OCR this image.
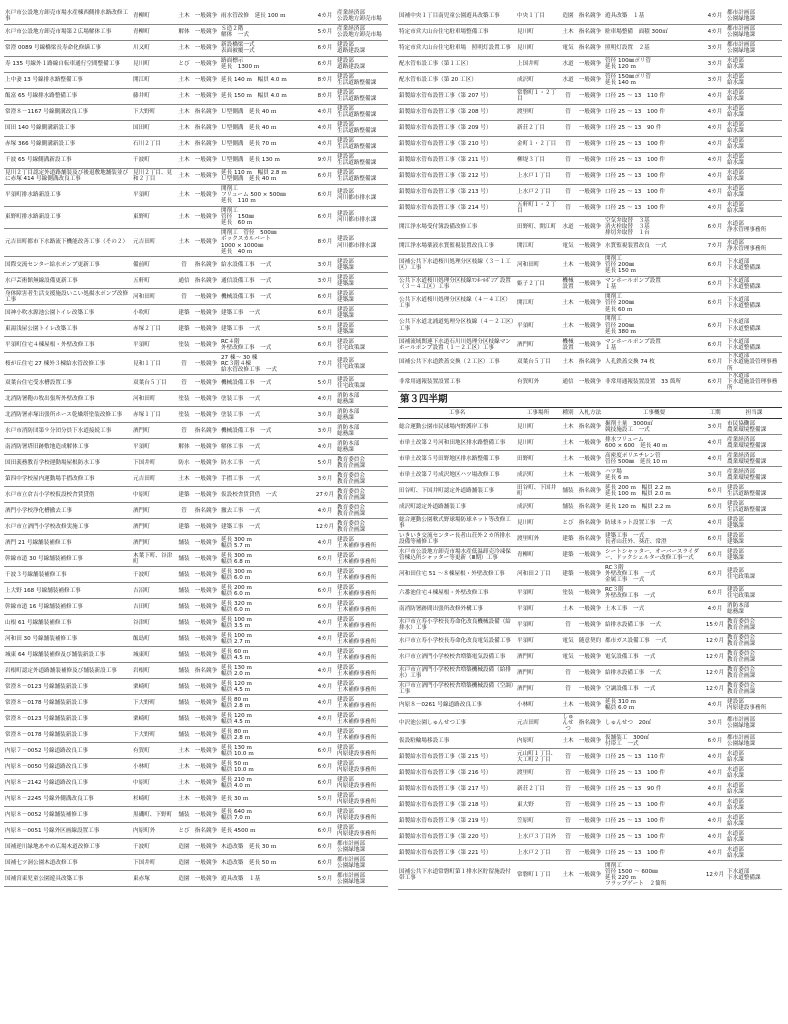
水戸市公設地方卸売市場水産棟西側排水路改修工事	青柳町	土木	一般競争	雨水管改修　延長 100 ｍ	4カ月	産業経済部
公設地方卸売市場
水戸市公設地方卸売市場第２広場解体工事	青柳町	解体	一般競争	Ｓ造２階
解体　一式	5カ月	産業経済部
公設地方卸売市場
常澄 0089 号線橋梁長寿命化修繕工事	川又町	土木	一般競争	新設橋梁一式
表面被覆一式	6カ月	建設部
道路建設課
寿 135 号線外１路線自転車通行空間整備工事	見川町	とび	一般競争	路面標示
延長　1300 ｍ	6カ月	建設部
道路建設課
上中妻 13 号線排水路整備工事	開江町	土木	一般競争	延長 140 ｍ　幅員 4.0 ｍ	8カ月	建設部
生活道路整備課
飯富 65 号線排水路整備工事	藤井町	土木	一般競争	延長 150 ｍ　幅員 4.0 ｍ	8カ月	建設部
生活道路整備課
常澄８－1167 号線側溝改良工事	下大野町	土木	指名競争	Ｕ型側溝　延長 40 ｍ	4カ月	建設部
生活道路整備課
国田 140 号線側溝新設工事	国田町	土木	指名競争	Ｕ型側溝　延長 40 ｍ	4カ月	建設部
生活道路整備課
赤塚 366 号線側溝新設工事	石川２丁目	土木	指名競争	Ｕ型側溝　延長 70 ｍ	4カ月	建設部
生活道路整備課
千波 65 号線側溝新設工事	千波町	土木	一般競争	Ｕ型側溝　延長 130 ｍ	9カ月	建設部
生活道路整備課
見川２丁目認定外道路舗装及び後退敷地舗装並びに赤塚 414 号線側溝改良工事	見川２丁目、見和２丁目	土木	一般競争	延長 110 ｍ　幅員 2.8 ｍ
Ｕ型側溝　延長 40 ｍ	6カ月	建設部
生活道路整備課
平須町排水路新設工事	平須町	土木	一般競争	開削工
フリューム 500 × 500㎜
延長　110 ｍ	6カ月	建設部
河川都市排水課
東野町排水路新設工事	東野町	土木	一般競争	開削工
管径　150㎜
延長　60 ｍ	6カ月	建設部
河川都市排水課
元吉田町都市下水路流下機能改善工事（その２）	元吉田町	土木	一般競争	開削工　管径　500㎜
ボックスカルバート
1000 × 1000㎜
延長　40 ｍ	8カ月	建設部
河川都市排水課
国際交流センター給水ポンプ更新工事	備前町	管	指名競争	給水設備工事　一式	3カ月	建設部
建築課
水戸芸術館無線設備更新工事	五軒町	通信	指名競争	通信設備工事　一式	3カ月	建設部
建築課
身体障害者生活支援施設いこい処揚水ポンプ改修工事	河和田町	管	一般競争	機械設備工事　一式	6カ月	建設部
建築課
国神小吹水源池公園トイレ改築工事	小吹町	建築	一般競争	建築工事　一式	6カ月	建設部
建築課
東湯浅屋公園トイレ改築工事	赤塚２丁目	建築	一般競争	建築工事　一式	5カ月	建設部
建築課
平須町住宅４棟屋根・外壁改修工事	平須町	塗装	一般競争	RC４階
外壁改修工事　一式	6カ月	建設部
住宅政策課
桜が丘住宅 27 棟外３棟給水管改修工事	見和１丁目	管	一般競争	27 棟～ 30 棟
RC３階４棟
給水管改修工事　一式	7カ月	建設部
住宅政策課
双葉台住宅受水槽設置工事	双葉台５丁目	管	一般競争	機械設備工事　一式	5カ月	建設部
住宅政策課
北消防署鞄の牧出張所外壁改修工事	河和田町	塗装	一般競争	塗装工事　一式	4カ月	消防本部
総務課
北消防署赤塚出張所ホース乾燥塔塗装改修工事	赤塚１丁目	塗装	一般競争	塗装工事　一式	3カ月	消防本部
総務課
水戸市消防団第９分団分員下水道接続工事	酒門町	管	指名競争	機械設備工事　一式	3カ月	消防本部
総務課
南消防署塔旧跡敷地造成解体工事	平須町	解体	一般競争	解体工事　一式	4カ月	消防本部
総務課
国田義務教育学校運動場屋根防水工事	下国井町	防水	一般競争	防水工事　一式	5カ月	教育委員会
教育企画課
第四中学校屋内運動場手摺改修工事	元吉田町	土木	一般競争	手摺工事　一式	3カ月	教育委員会
教育企画課
水戸市立倉吉小学校仮設校舎賃貸借	中原町	建築	一般競争	仮設校舎賃貸借　一式	27カ月	教育委員会
教育企画課
酒門小学校浄化槽撤去工事	酒門町	管	指名競争	撤去工事　一式	4カ月	教育委員会
教育企画課
水戸市立酒門小学校改修実施工事	酒門町	建築	一般競争	建築工事　一式	12カ月	教育委員会
教育企画課
酒門 21 号線舗装補修工事	酒門町	舗装	一般競争	延長 300 ｍ
幅員 5.7 ｍ	4カ月	建設部
土木補修事務所
幹線市道 30 号線舗装補修工事	木葉下町、谷津町	舗装	一般競争	延長 300 ｍ
幅員 6.8 ｍ	6カ月	建設部
土木補修事務所
千波３号線舗装補修工事	千波町	舗装	一般競争	延長 300 ｍ
幅員 6.0 ｍ	6カ月	建設部
土木補修事務所
上大野 168 号線舗装補修工事	吉沼町	舗装	一般競争	延長 200 ｍ
幅員 6.0 ｍ	6カ月	建設部
土木補修事務所
幹線市道 16 号線舗装補修工事	吉田町	舗装	一般競争	延長 320 ｍ
幅員 6.0 ｍ	6カ月	建設部
土木補修事務所
山根 61 号線舗装補修工事	谷津町	舗装	一般競争	延長 100 ｍ
幅員 3.5 ｍ	4カ月	建設部
土木補修事務所
河和田 30 号線舗装補修工事	飯島町	舗装	一般競争	延長 100 ｍ
幅員 2.7 ｍ	4カ月	建設部
土木補修事務所
城東 64 号線舗装補修及び舗装新設工事	城東町	舗装	一般競争	延長 60 ｍ
幅員 4.5 ｍ	4カ月	建設部
土木補修事務所
岩根町認定外道路舗装補修及び舗装新設工事	岩根町	舗装	指名競争	延長 130 ｍ
幅員 2.0 ｍ	4カ月	建設部
土木補修事務所
常澄８－0123 号線舗装新設工事	栗崎町	舗装	一般競争	延長 120 ｍ
幅員 4.5 ｍ	4カ月	建設部
土木補修事務所
常澄８－0178 号線舗装新設工事	下大野町	舗装	一般競争	延長 80 ｍ
幅員 2.8 ｍ	4カ月	建設部
土木補修事務所
常澄８－0123 号線舗装新設工事	栗崎町	舗装	一般競争	延長 120 ｍ
幅員 4.5 ｍ	4カ月	建設部
土木補修事務所
常澄８－0178 号線舗装新設工事	下大野町	舗装	一般競争	延長 80 ｍ
幅員 2.8 ｍ	4カ月	建設部
土木補修事務所
内原７－0052 号線道路改良工事	有賀町	土木	一般競争	延長 130 ｍ
幅員 10.0 ｍ	6カ月	建設部
内原建設事務所
内原８－0050 号線道路改良工事	小林町	土木	一般競争	延長 50 ｍ
幅員 10.0 ｍ	6カ月	建設部
内原建設事務所
内原８－2142 号線道路改良工事	中原町	土木	一般競争	延長 210 ｍ
幅員 4.0 ｍ	6カ月	建設部
内原建設事務所
内原８－2245 号線外側溝改良工事	杉崎町	土木	一般競争	延長 30 ｍ	5カ月	建設部
内原建設事務所
内原８－0052 号線舗装補修工事	黒磯町、下野町	舗装	一般競争	延長 640 ｍ
幅員 7.0 ｍ	6カ月	建設部
内原建設事務所
内原８－0051 号線外区画線設置工事	内原町外	とび	指名競争	延長 4500 ｍ	6カ月	建設部
内原建設事務所
国補逆川緑地あやめ広場木道改修工事	千波町	造園	一般競争	木道改築　延長 30 ｍ	6カ月	都市計画部
公園緑地課
国補七ツ洞公園木道改修工事	下国井町	造園	一般競争	木道改築　延長 50 ｍ	6カ月	都市計画部
公園緑地課
国補宮東児童公園遊具改築工事	東赤塚	造園	一般競争	遊具改築　１基	5カ月	都市計画部
公園緑地課
国補中央１丁目南児童公園遊具改築工事	中央１丁目	造園	指名競争	遊具改築　１基	4カ月	都市計画部
公園緑地課
特定市営大山台住宅駐車場整備工事	見川町	土木	指名競争	駐車場整備　面積 300㎡	4カ月	都市計画部
公園緑地課
特定市営大山台住宅駐車場　照明灯設置工事	見川町	電気	指名競争	照明灯設置　２基	3カ月	都市計画部
公園緑地課
配水管布設工事（第１工区）	上国井町	水道	一般競争	管径 100㎜ポリ管
延長 120 ｍ	3カ月	水道部
給水課
配水管布設工事（第 20 工区）	成沢町	水道	一般競争	管径 150㎜ポリ管
延長 140 ｍ	3カ月	水道部
給水課
鉛製給水管布設替工事（第 207 号）	常磐町１・２丁目	管	一般競争	口径 25 ～ 13　110 件	4カ月	水道部
給水課
鉛製給水管布設替工事（第 208 号）	渡里町	管	一般競争	口径 25 ～ 13　100 件	4カ月	水道部
給水課
鉛製給水管布設替工事（第 209 号）	新荘２丁目	管	一般競争	口径 25 ～ 13　90 件	4カ月	水道部
給水課
鉛製給水管布設替工事（第 210 号）	金町１・２丁目	管	一般競争	口径 25 ～ 13　100 件	4カ月	水道部
給水課
鉛製給水管布設替工事（第 211 号）	柳堤３丁目	管	一般競争	口径 25 ～ 13　100 件	4カ月	水道部
給水課
鉛製給水管布設替工事（第 212 号）	上水戸１丁目	管	一般競争	口径 25 ～ 13　100 件	4カ月	水道部
給水課
鉛製給水管布設替工事（第 213 号）	上水戸２丁目	管	一般競争	口径 25 ～ 13　100 件	4カ月	水道部
給水課
鉛製給水管布設替工事（第 214 号）	五軒町１・２丁目	管	一般競争	口径 25 ～ 13　100 件	4カ月	水道部
給水課
開江浄水場受付簿設備改修工事	田野町、開江町	水道	一般競争	空気弁取替　３基
消火栓取替　３基
排切弁取替　１台	6カ月	水道部
浄水管理事務所
開江浄水場薬液水質監視装置改良工事	開江町	電気	一般競争	水質監視装置改良　一式	7カ月	水道部
浄水管理事務所
国補公共下水道桜川処理分区枝線（３－１工区）工事	河和田町	土木	一般競争	開削工
管径 200㎜
延長 150 ｍ	6カ月	下水道部
下水道整備課
公共下水道桜川処理分区枝線ﾏﾝﾎｰﾙﾎﾟﾝﾌﾟ設置（３－４工区）工事	姫子２丁目	機械設置	一般競争	マンホールポンプ設置
１基	6カ月	下水道部
下水道整備課
公共下水道桜川処理分区枝線（４－４工区）工事	開江町	土木	一般競争	開削工
管径 200㎜
延長 60 ｍ	6カ月	下水道部
下水道整備課
公共下水道北浦道処理分区枝線（４－２工区）工事	平須町	土木	一般競争	開削工
管径 200㎜
延長 380 ｍ	6カ月	下水道部
下水道整備課
国補流域関連下水道石川川処理分区枝線マンホールポンプ設置（１－２工区）工事	酒門町	機械設置	一般競争	マンホールポンプ設置
１基	6カ月	下水道部
下水道整備課
国補公共下水道鉄蓋交換（２工区）工事	双葉台５丁目	土木	指名競争	人孔鉄蓋交換 74 枚	6カ月	下水道部
下水道施設管理事務所
非常用通報装置設置工事	有賀町外	通信	一般競争	非常用通報装置設置　33 箇所	6カ月	下水道部
下水道施設管理事務所
第３四半期
工事名	工事場所	種別	入札方法	工事概要	工期	担当課
総合運動公園市民球場内野護岸工事	見川町	土木	指名競争	掘削土量　3000㎥
競技施設工　一式	3カ月	市民協働部
農業環境整備課
市単土改第２号河和田地区排水路整備工事	見川町	土木	一般競争	排水フリューム
600 × 600　延長 40 ｍ	4カ月	産業経済部
農業環境整備課
市単土改第５号田野地区排水路整備工事	田野町	土木	一般競争	高密度ポリエチレン管
管径 500㎜　延長 10 ｍ	4カ月	産業経済部
農業環境整備課
市単土改第７号成沢地区ハツ場改修工事	成沢町	土木	一般競争	ハツ場
延長 6 ｍ	3カ月	産業経済部
農業環境整備課
田谷町、下国井町認定外道路舗装工事	田谷町、下国井町	舗装	指名競争	延長 200 ｍ　幅員 2.2 ｍ
延長 100 ｍ　幅員 2.0 ｍ	6カ月	建設部
生活道路整備課
成沢町認定外道路舗装工事	成沢町	舗装	指名競争	延長 120 ｍ　幅員 2.2 ｍ	6カ月	建設部
生活道路整備課
総合運動公園軟式野球場防球ネット等改修工事	見川町	とび	指名競争	防球ネット設置工事　一式	4カ月	建設部
建築課
いきいき交流センター長者山荘外２カ所排水設備等補修工事	渡里町外	建築	指名競争	建築工事　一式
長者山荘外、葵荘、常澄	6カ月	建設部
建築課
水戸市公設地方卸売市場水産低温卸売冷凍保管棟込所シャッター等更新（Ⅲ期）工事	青柳町	建築	一般競争	シートシャッター、オーバースライダー、ドックシェルター改修工事一式	6カ月	建設部
建築課
河和田住宅 51 ～８棟屋根・外壁改修工事	河和田２丁目	建築	一般競争	RC３階
外壁改修工事　一式
金属工事　一式	6カ月	建設部
住宅政策課
六番池住宅４棟屋根・外壁改修工事	平須町	塗装	一般競争	RC３階
外壁改修工事　一式	6カ月	建設部
住宅政策課
南消防署跡間出張所改修外構工事	平須町	土木	一般競争	土木工事　一式	4カ月	消防本部
総務課
水戸市立寿小学校長寿命化改良機械設備（給排水）工事	平須町	管	一般競争	給排水設備工事　一式	15カ月	教育委員会
教育企画課
水戸市立寿小学校長寿命化改良電気設備工事	平須町	電気	随意契約	都市ガス設備工事　一式	12カ月	教育委員会
教育企画課
水戸市立酒門小学校校舎増築電気設備工事	酒門町	電気	一般競争	電気設備工事　一式	12カ月	教育委員会
教育企画課
水戸市立酒門小学校校舎増築機械設備（給排水）工事	酒門町	管	一般競争	給排水設備工事　一式	12カ月	教育委員会
教育企画課
水戸市立酒門小学校校舎増築機械設備（空調）工事	酒門町	管	一般競争	空調設備工事　一式	12カ月	教育委員会
教育企画課
内原８－0261 号線道路改良工事	小林町	土木	一般競争	延長 310 ｍ
幅員 6.0 ｍ	4カ月	建設部
内原建設事務所
中沢池公園しゅんせつ工事	元吉田町	しゅんせつ	指名競争	しゅんせつ　20㎥	3カ月	都市計画部
公園緑地課
仮設駐輪場移設工事	内原町	土木	一般競争	仮舗装工　300㎥
付帯工　一式	6カ月	都市計画部
公園緑地課
鉛製給水管布設替工事（第 215 号）	元山町１丁目、大工町２丁目	管	一般競争	口径 25 ～ 13　110 件	4カ月	水道部
給水課
鉛製給水管布設替工事（第 216 号）	渡里町	管	一般競争	口径 25 ～ 13　100 件	4カ月	水道部
給水課
鉛製給水管布設替工事（第 217 号）	新荘２丁目	管	一般競争	口径 25 ～ 13　90 件	4カ月	水道部
給水課
鉛製給水管布設替工事（第 218 号）	東大野	管	一般競争	口径 25 ～ 13　100 件	4カ月	水道部
給水課
鉛製給水管布設替工事（第 219 号）	笠原町	管	一般競争	口径 25 ～ 13　100 件	4カ月	水道部
給水課
鉛製給水管布設替工事（第 220 号）	上水戸３丁目外	管	一般競争	口径 25 ～ 13　100 件	4カ月	水道部
給水課
鉛製給水管布設替工事（第 221 号）	上水戸２丁目	管	一般競争	口径 25 ～ 13　100 件	4カ月	水道部
給水課
国補公共下水道常磐町第１排水区貯留施設付帯工事	常磐町１丁目	土木	一般競争	開削工
管径 1500 ～ 600㎜
延長 220 ｍ
フラップゲート　２箇所	12カ月	下水道部
下水道整備課
